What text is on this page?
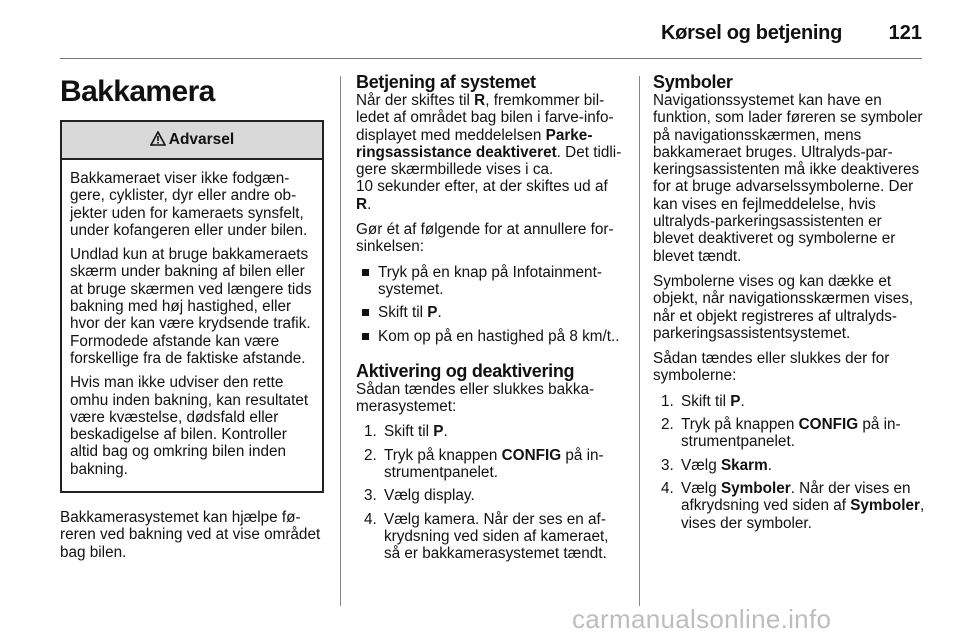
Kørsel og betjening 121
Bakkamera
Advarsel

Bakkameraet viser ikke fodgængere, cyklister, dyr eller andre objekter uden for kameraets synsfelt, under kofangeren eller under bilen.

Undlad kun at bruge bakkameraets skærm under bakning af bilen eller at bruge skærmen ved længere tids bakning med høj hastighed, eller hvor der kan være krydsende trafik. Formodede afstande kan være forskellige fra de faktiske afstande.

Hvis man ikke udviser den rette omhu inden bakning, kan resultatet være kvæstelse, dødsfald eller beskadigelse af bilen. Kontroller altid bag og omkring bilen inden bakning.

Bakkamerasystemet kan hjælpe føreren ved bakning ved at vise området bag bilen.

Betjening af systemet

Når der skiftes til R, fremkommer billedet af området bag bilen i farve-info-displayet med meddelelsen Parkeringsassistance deaktiveret. Det tidligere skærmbillede vises i ca.
10 sekunder efter, at der skiftes ud af R.

Gør ét af følgende for at annullere forsinkelsen:

Tryk på en knap på Infotainment-systemet.
Skift til P.
Kom op på en hastighed på 8 km/t..
Aktivering og deaktivering

Sådan tændes eller slukkes bakkamerasystemet:

1. Skift til P.
2. Tryk på knappen CONFIG på instrumentpanelet.
3. Vælg display.
4. Vælg kamera. Når der ses en afkrydsning ved siden af kameraet, så er bakkamerasystemet tændt.
Symboler

Navigationssystemet kan have en funktion, som lader føreren se symboler på navigationsskærmen, mens bakkameraet bruges. Ultralyds-parkeringsassistenten må ikke deaktiveres for at bruge advarselssymbolerne. Der kan vises en fejlmeddelelse, hvis ultralyds-parkeringsassistenten er blevet deaktiveret og symbolerne er blevet tændt.

Symbolerne vises og kan dække et objekt, når navigationsskærmen vises, når et objekt registreres af ultralyds-parkeringsassistentsystemet.

Sådan tændes eller slukkes der for symbolerne:

1. Skift til P.
2. Tryk på knappen CONFIG på instrumentpanelet.
3. Vælg Skarm.
4. Vælg Symboler. Når der vises en afkrydsning ved siden af Symboler, vises der symboler.
carmanualsonline.info
